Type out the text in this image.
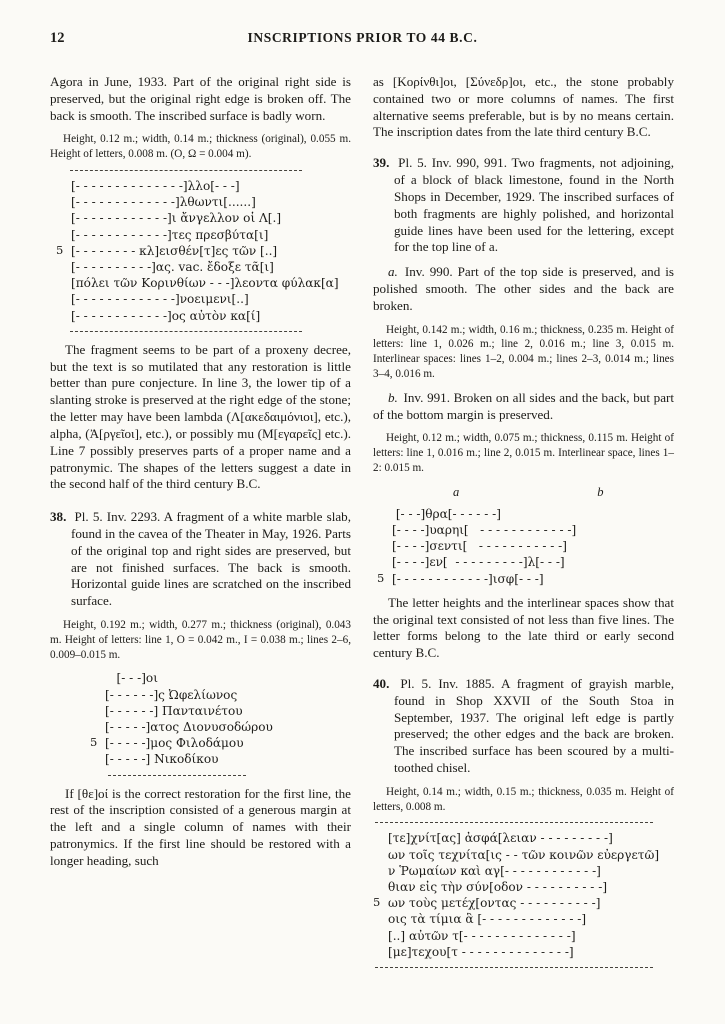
12	INSCRIPTIONS PRIOR TO 44 B.C.

Agora in June, 1933. Part of the original right side is preserved, but the original right edge is broken off. The back is smooth. The inscribed surface is badly worn.

Height, 0.12 m.; width, 0.14 m.; thickness (original), 0.055 m. Height of letters, 0.008 m. (Ο, Ω = 0.004 m).

[- - - - - - - - - - - - - -]λλο[- - -]
[- - - - - - - - - - - - -]λθωντι[......]
[- - - - - - - - - - - -]ι ἄνγελλον οἱ Λ[.]
[- - - - - - - - - - - -]τες πρεσβύτα[ι]
5 [- - - - - - - - κλ]εισθέν[τ]ες τῶν [..]
[- - - - - - - - - -]ας. vac. ἔδοξε τᾶ[ι]
[πόλει τῶν Κορινθίων - - -]λεοντα φύλακ[α]
[- - - - - - - - - - - - -]νοειμενι[..]
[- - - - - - - - - - - -]ος αὐτὸν κα[ί]

The fragment seems to be part of a proxeny decree, but the text is so mutilated that any restoration is little better than pure conjecture. In line 3, the lower tip of a slanting stroke is preserved at the right edge of the stone; the letter may have been lambda (Λ[ακεδαιμόνιοι], etc.), alpha, (Ἀ[ργεῖοι], etc.), or possibly mu (Μ[εγαρεῖς] etc.). Line 7 possibly preserves parts of a proper name and a patronymic. The shapes of the letters suggest a date in the second half of the third century B.C.

38. Pl. 5. Inv. 2293. A fragment of a white marble slab, found in the cavea of the Theater in May, 1926. Parts of the original top and right sides are preserved, but are not finished surfaces. The back is smooth. Horizontal guide lines are scratched on the inscribed surface.

Height, 0.192 m.; width, 0.277 m.; thickness (original), 0.043 m. Height of letters: line 1, Ο = 0.042 m., Ι = 0.038 m.; lines 2–6, 0.009–0.015 m.

[- - -]οι
[- - - - - -]ς Ὠφελίωνος
[- - - - - -] Πανταινέτου
[- - - - -]ατος Διονυσοδώρου
5 [- - - - -]μος Φιλοδάμου
[- - - - -] Νικοδίκου

If [θε]οί is the correct restoration for the first line, the rest of the inscription consisted of a generous margin at the left and a single column of names with their patronymics. If the first line should be restored with a longer heading, such

as [Κορίνθι]οι, [Σύνεδρ]οι, etc., the stone probably contained two or more columns of names. The first alternative seems preferable, but is by no means certain. The inscription dates from the late third century B.C.

39. Pl. 5. Inv. 990, 991. Two fragments, not adjoining, of a block of black limestone, found in the North Shops in December, 1929. The inscribed surfaces of both fragments are highly polished, and horizontal guide lines have been used for the lettering, except for the top line of a.

a. Inv. 990. Part of the top side is preserved, and is polished smooth. The other sides and the back are broken.

Height, 0.142 m.; width, 0.16 m.; thickness, 0.235 m. Height of letters: line 1, 0.026 m.; line 2, 0.016 m.; line 3, 0.015 m. Interlinear spaces: lines 1–2, 0.004 m.; lines 2–3, 0.014 m.; lines 3–4, 0.016 m.

b. Inv. 991. Broken on all sides and the back, but part of the bottom margin is preserved.

Height, 0.12 m.; width, 0.075 m.; thickness, 0.115 m. Height of letters: line 1, 0.016 m.; line 2, 0.015 m. Interlinear space, lines 1–2: 0.015 m.

a	b
[- - -]θρα[- - - - - -]
[- - - -]υαρηι[   - - - - - - - - - - - -]
[- - - -]σεντι[   - - - - - - - - - - -]
[- - - -]εν[  - - - - - - - - -]λ[- - -]
5 [- - - - - - - - - - - -]ισφ[- - -]

The letter heights and the interlinear spaces show that the original text consisted of not less than five lines. The letter forms belong to the late third or early second century B.C.

40. Pl. 5. Inv. 1885. A fragment of grayish marble, found in Shop XXVII of the South Stoa in September, 1937. The original left edge is partly preserved; the other edges and the back are broken. The inscribed surface has been scoured by a multi-toothed chisel.

Height, 0.14 m.; width, 0.15 m.; thickness, 0.035 m. Height of letters, 0.008 m.

[τε]χνίτ[ας] ἀσφά[λειαν - - - - - - - - -]
ων τοῖς τεχνίτα[ις - - τῶν κοινῶν εὐεργετῶ]
ν Ῥωμαίων καὶ αγ[- - - - - - - - - - - -]
θιαν εἰς τὴν σύν[οδον - - - - - - - - - -]
5 ων τοὺς μετέχ[οντας - - - - - - - - - -]
οις τὰ τίμια ἃ [- - - - - - - - - - - - -]
[..] αὐτῶν τ[- - - - - - - - - - - - - -]
[με]τεχου[τ - - - - - - - - - - - - - -]
